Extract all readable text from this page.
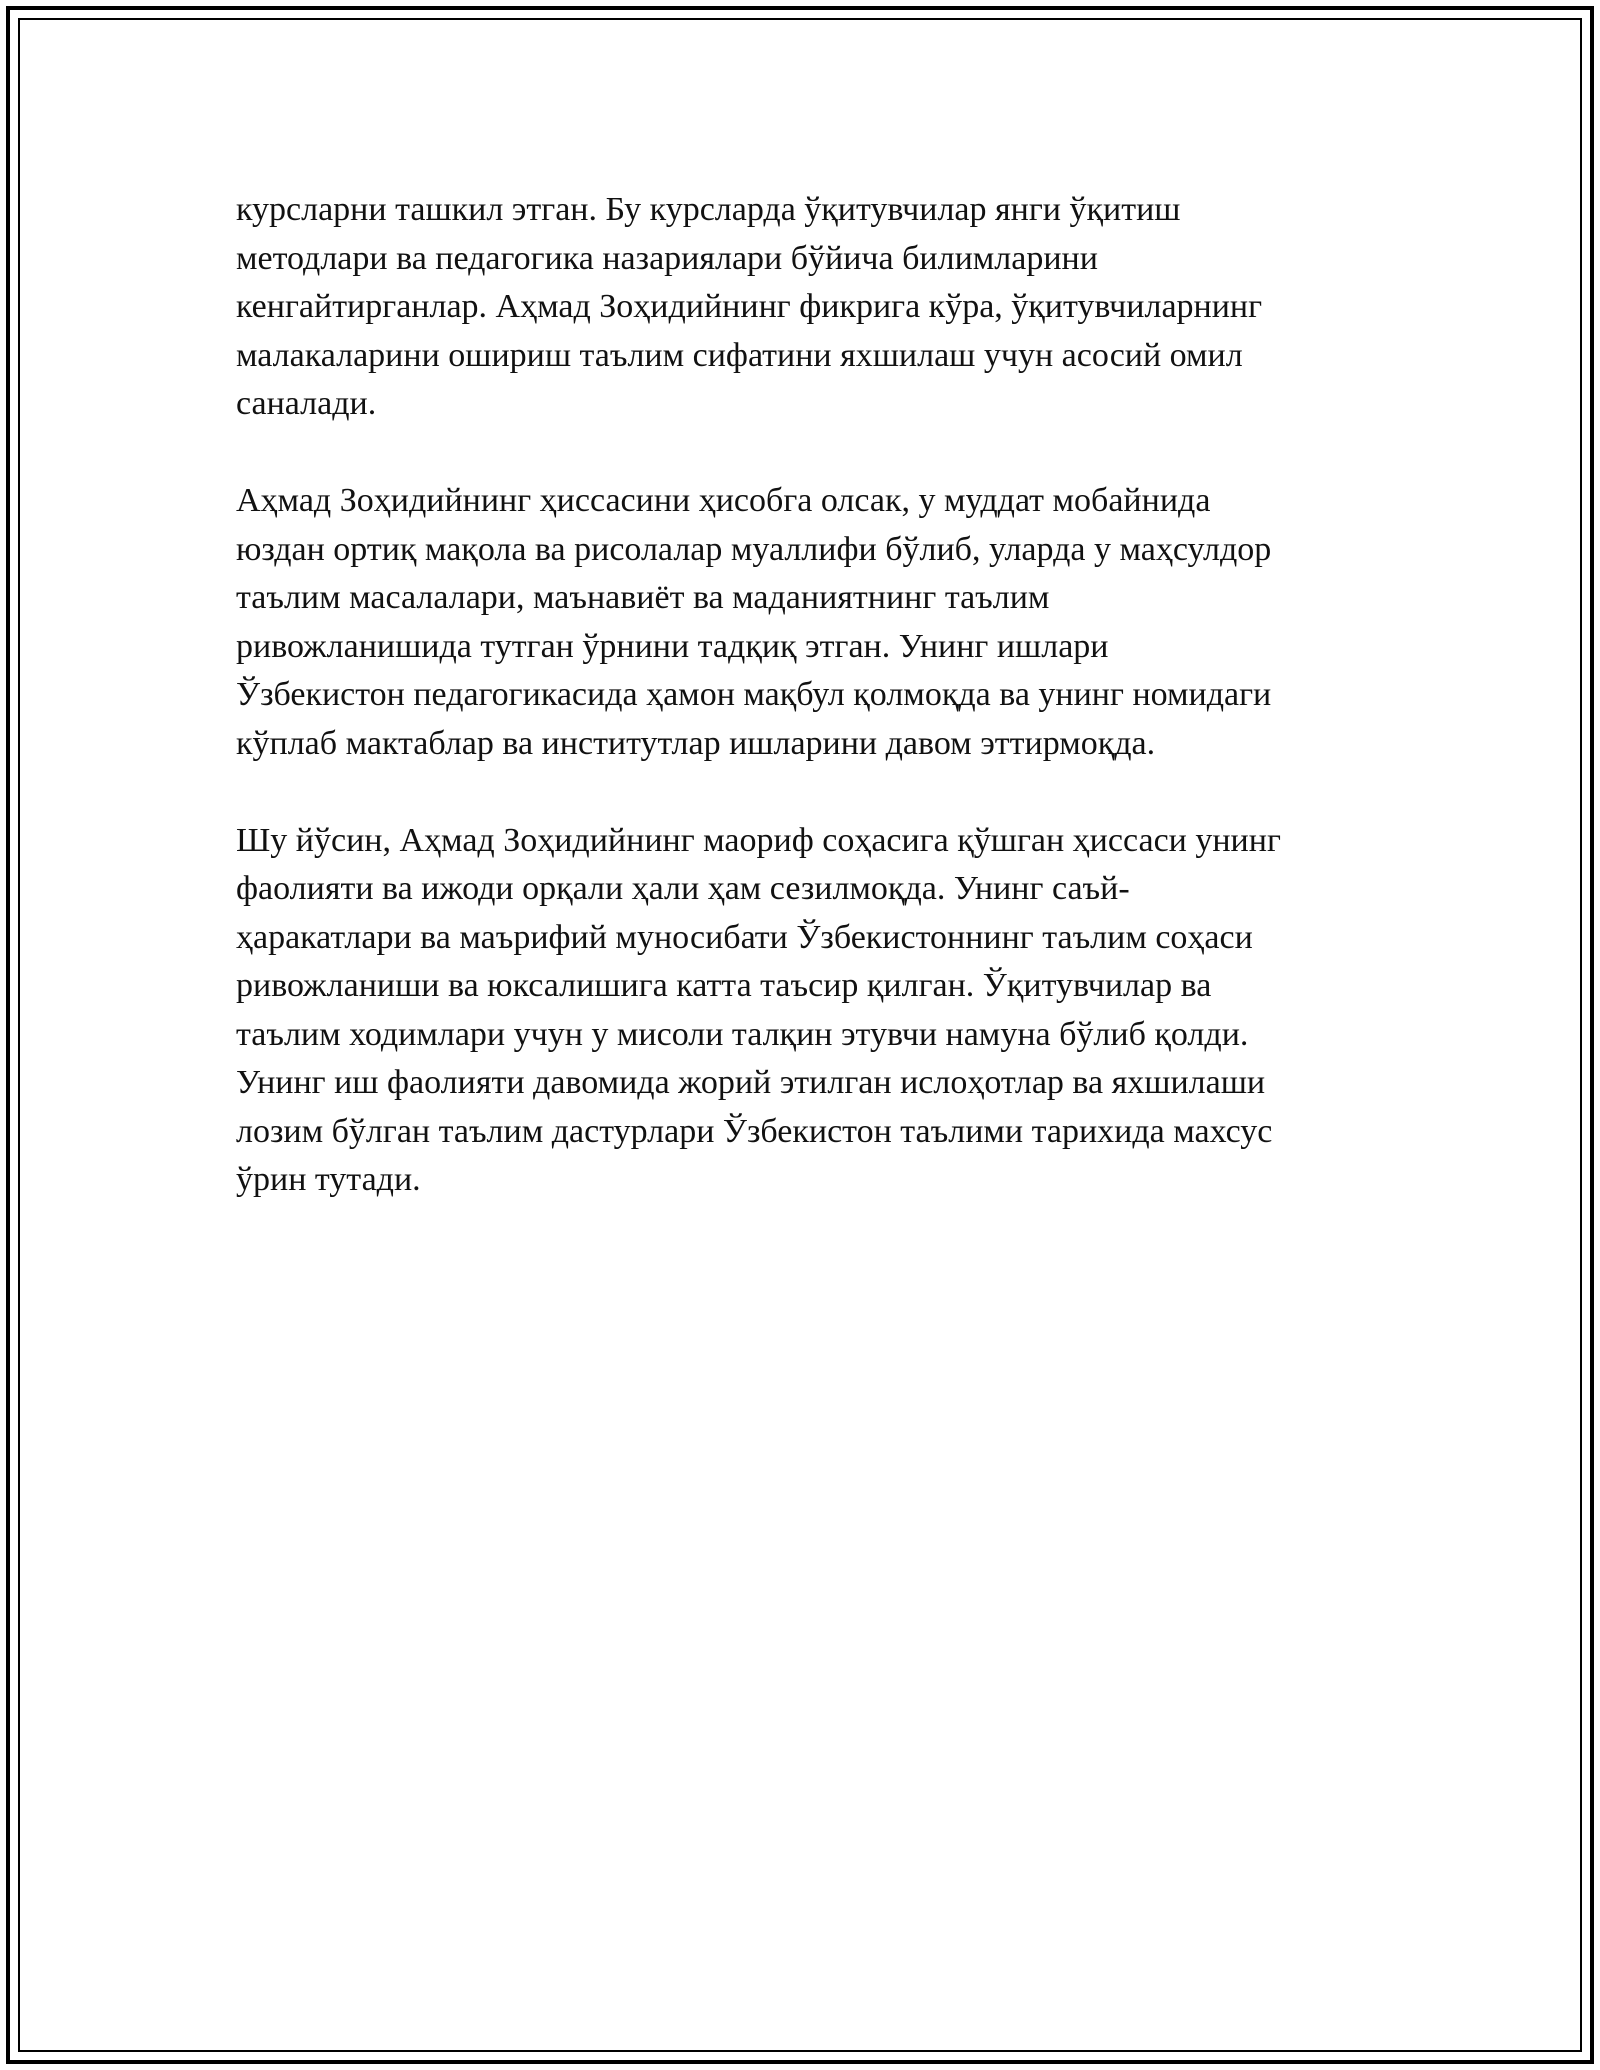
курсларни ташкил этган. Бу курсларда ўқитувчилар янги ўқитиш
методлари ва педагогика назариялари бўйича билимларини
кенгайтирганлар. Аҳмад Зоҳидийнинг фикрига кўра, ўқитувчиларнинг
малакаларини ошириш таълим сифатини яхшилаш учун асосий омил
саналади.

Аҳмад Зоҳидийнинг ҳиссасини ҳисобга олсак, у муддат мобайнида
юздан ортиқ мақола ва рисолалар муаллифи бўлиб, уларда у маҳсулдор
таълим масалалари, маънавиёт ва маданиятнинг таълим
ривожланишида тутган ўрнини тадқиқ этган. Унинг ишлари
Ўзбекистон педагогикасида ҳамон мақбул қолмоқда ва унинг номидаги
кўплаб мактаблар ва институтлар ишларини давом эттирмоқда.

Шу йўсин, Аҳмад Зоҳидийнинг маориф соҳасига қўшган ҳиссаси унинг
фаолияти ва ижоди орқали ҳали ҳам сезилмоқда. Унинг саъй-
ҳаракатлари ва маърифий муносибати Ўзбекистоннинг таълим соҳаси
ривожланиши ва юксалишига катта таъсир қилган. Ўқитувчилар ва
таълим ходимлари учун у мисоли талқин этувчи намуна бўлиб қолди.
Унинг иш фаолияти давомида жорий этилган ислоҳотлар ва яхшилаши
лозим бўлган таълим дастурлари Ўзбекистон таълими тарихида махсус
ўрин тутади.
